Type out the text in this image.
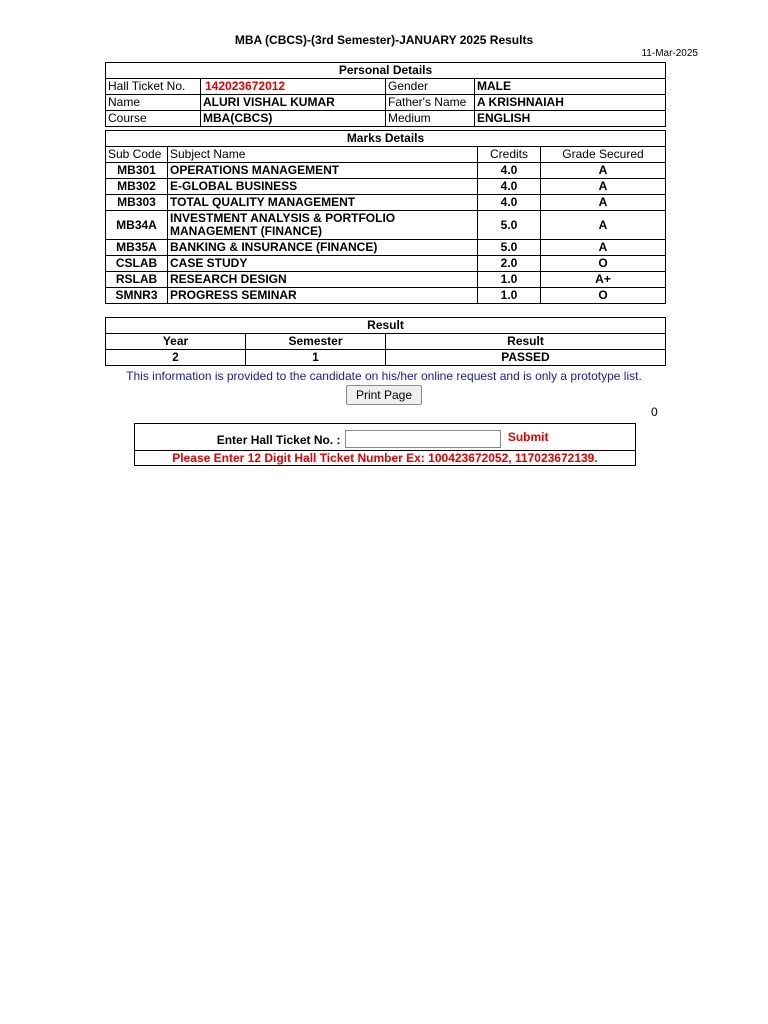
MBA (CBCS)-(3rd Semester)-JANUARY 2025 Results
11-Mar-2025
Personal Details			
Hall Ticket No.	142023672012	Gender	MALE
Name	ALURI VISHAL KUMAR	Father's Name	A KRISHNAIAH
Course	MBA(CBCS)	Medium	ENGLISH
Marks Details			
Sub Code	Subject Name	Credits	Grade Secured
MB301	OPERATIONS MANAGEMENT	4.0	A
MB302	E-GLOBAL BUSINESS	4.0	A
MB303	TOTAL QUALITY MANAGEMENT	4.0	A
MB34A	INVESTMENT ANALYSIS & PORTFOLIO MANAGEMENT (FINANCE)	5.0	A
MB35A	BANKING & INSURANCE (FINANCE)	5.0	A
CSLAB	CASE STUDY	2.0	O
RSLAB	RESEARCH DESIGN	1.0	A+
SMNR3	PROGRESS SEMINAR	1.0	O
Result		
Year	Semester	Result
2	1	PASSED
This information is provided to the candidate on his/her online request and is only a prototype list.
Print Page
0
Enter Hall Ticket No. :	Submit
Please Enter 12 Digit Hall Ticket Number Ex: 100423672052, 117023672139.
